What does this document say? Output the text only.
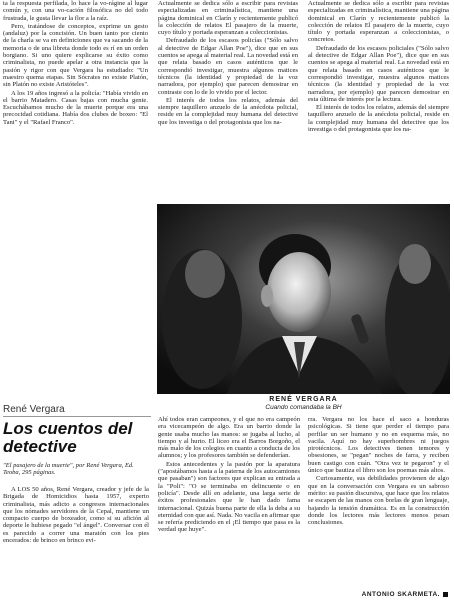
ta la respuesta perfilada, lo hace la vo-rágine al lugar común y, con una vo-cación filosófica no del todo frustrada, le gusta llevar la flor a la raíz.

Pero, tratándose de conceptos, exprime un gesto (andaluz) por la concisión. Un buen tanto por ciento de la charla se va en definiciones que va sacando de la memoria o de una libreta donde todo es rí en un orden borgiano. Si uno quiere explicarse su éxito como criminalista, no puede apelar a otra instancia que la pasión y rigor con que Vergara ha estudiado: "Un maestro quema etapas. Sin Sócrates no existe Platón, sin Platón no existe Aristóteles".

A los 19 años ingresó a la policía: "Había vivido en el barrio Matadero. Casas bajas con mucha gente. Escuchábamos mucho de la muerte porque era una precocidad cotidiana. Había dos clubes de boxeo: "El Tani" y el "Rafael Franco".

Actualmente se dedica sólo a escribir para revistas especializadas en criminalística, mantiene una página dominical en Clarín y recientemente publicó la colección de relatos El pasajero de la muerte, cuyo título y portada esperanzan a coleccionistas.

Defraudado de los escasos policías ("Sólo salvo al detective de Edgar Allan Poe"), dice que en sus cuentos se apega al material real. La novedad está en que relata basado en casos auténticos que le correspondió investigar, muestra algunos matices técnicos (la identidad y propiedad de la voz narradora, por ejemplo) que parecen demostrar en contraste con lo de lo vivido por el lector.

El interés de todos los relatos, además del siempre taquillero anzuelo de la anécdota policial, reside en la complejidad muy humana del detective que los investiga o del protagonista que los na-

Actualmente se dedica sólo a escribir para revistas especializadas en criminalística, mantiene una página dominical en Clarín y recientemente publicó la colección de relatos El pasajero de la muerte, cuyo título y portada esperanzan a coleccionistas, o concretos.

Defraudado de los escasos policiales ("Sólo salvo al detective de Edgar Allan Poe"), dice que en sus cuentos se apega al material real. La novedad está en que relata basado en casos auténticos que le correspondió investigar, muestra algunos matices técnicos (la identidad y propiedad de la voz narradora, por ejemplo) que parecen demostrar en esta última de interés por la lectura.

El interés de todos los relatos, además del siempre taquillero anzuelo de la anécdota policial, reside en la complejidad muy humana del detective que los investiga o del protagonista que los na-

RENÉ VERGARA
Cuando comandaba la BH
René Vergara
Los cuentos del detective
"El pasajero de la muerte", por René Vergara, Ed. Teoba, 295 páginas.

A LOS 50 años, René Vergara, creador y jefe de la Brigada de Homicidios hasta 1957, experto criminalista, más adicto a congresos internacionales que los nómades servidores de la Cepal, mantiene un compacto cuerpo de boxeador, como si su afición al deporte le hubiese pegado "el ángel". Conversar con él es parecido a correr una maratón con los pies encerados: de brinco en brinco evi-

Ahí todos eran campeones, y el que no era campeón era vicecampeón de algo. Era un barrio donde la gente usaba mucho las manos: se jugaba al lucho, al tiempo y al hurto. El liceo era el Barros Borgoño, el más malo de los colegios en cuanto a conducta de los alumnos; y los profesores también se defenderían.

Estos antecedentes y la pasión por la aparatura ("apostábamos hasta a la paterna de los autocamiones que pasaban") son factores que explican su entrada a la "Poli": "O se terminaba en delincuente o en policía". Desde allí en adelante, una larga serie de éxitos profesionales que le han dado fama internacional. Quizás buena parte de ella la deba a su eternidad con que así. Nada. No vacila en afirmar que se refería prediciendo en el ¡El tiempo que pasa es la verdad que huye".

rra. Vergara no los hace el saco a honduras psicológicas. Si tiene que perder el tiempo para perfilar un ser humano y no en esquema más, no vacila. Aquí no hay superhombres ni juegos pirotécnicos. Los detectives tienen temores y obsesiones, se "pegan" noches de farra, y reciben buen castigo con cuán. "Otra vez te pegaron" y el único que bautiza el libro son los poemas más altos.

Curiosamente, sus debilidades provienen de algo que en la conversación con Vergara es un sabroso mérito: su pasión discursiva, que hace que los relatos se escapen de las manos con borlas de gran lenguaje, bajando la tensión dramática. Es en la construcción donde los lectores más lectores menos pesan conclusiones.

ANTONIO SKARMETA.
